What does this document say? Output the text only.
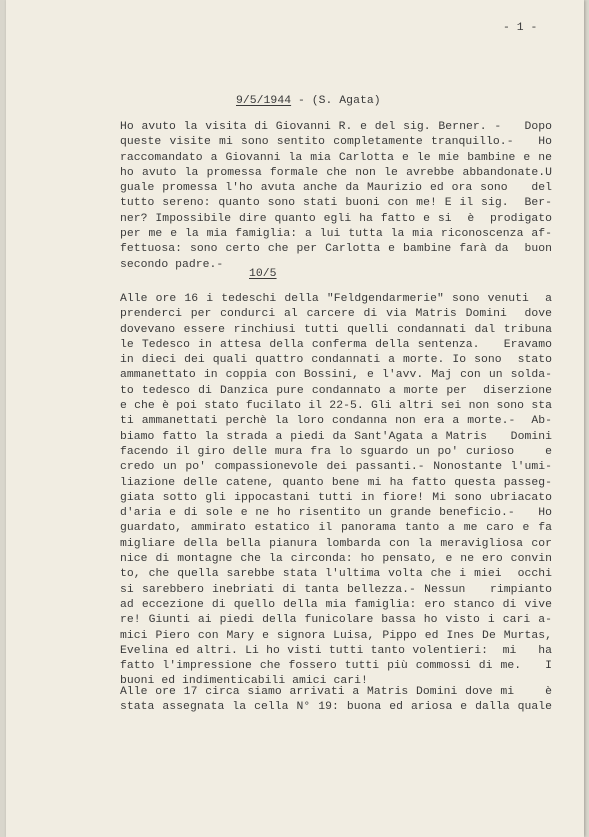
- 1 -
9/5/1944 - (S. Agata)
Ho avuto la visita di Giovanni R. e del sig. Berner. -   Dopo
queste visite mi sono sentito completamente tranquillo.-   Ho
raccomandato a Giovanni la mia Carlotta e le mie bambine e ne
ho avuto la promessa formale che non le avrebbe abbandonate.U
guale promessa l'ho avuta anche da Maurizio ed ora sono   del
tutto sereno: quanto sono stati buoni con me! E il sig.  Ber-
ner? Impossibile dire quanto egli ha fatto e si  è  prodigato
per me e la mia famiglia: a lui tutta la mia riconoscenza af-
fettuosa: sono certo che per Carlotta e bambine farà da  buon
secondo padre.-
10/5
Alle ore 16 i tedeschi della "Feldgendarmerie" sono venuti  a
prenderci per condurci al carcere di via Matris Domini  dove
dovevano essere rinchiusi tutti quelli condannati dal tribuna
le Tedesco in attesa della conferma della sentenza.   Eravamo
in dieci dei quali quattro condannati a morte. Io sono  stato
ammanettato in coppia con Bossini, e l'avv. Maj con un solda-
to tedesco di Danzica pure condannato a morte per  diserzione
e che è poi stato fucilato il 22-5. Gli altri sei non sono sta
ti ammanettati perchè la loro condanna non era a morte.-  Ab-
biamo fatto la strada a piedi da Sant'Agata a Matris   Domini
facendo il giro delle mura fra lo sguardo un po' curioso    e
credo un po' compassionevole dei passanti.- Nonostante l'umi-
liazione delle catene, quanto bene mi ha fatto questa passeg-
giata sotto gli ippocastani tutti in fiore! Mi sono ubriacato
d'aria e di sole e ne ho risentito un grande beneficio.-   Ho
guardato, ammirato estatico il panorama tanto a me caro e fa
migliare della bella pianura lombarda con la meravigliosa cor
nice di montagne che la circonda: ho pensato, e ne ero convin
to, che quella sarebbe stata l'ultima volta che i miei  occhi
si sarebbero inebriati di tanta bellezza.- Nessun   rimpianto
ad eccezione di quello della mia famiglia: ero stanco di vive
re! Giunti ai piedi della funicolare bassa ho visto i cari a-
mici Piero con Mary e signora Luisa, Pippo ed Ines De Murtas,
Evelina ed altri. Li ho visti tutti tanto volentieri:  mi   ha
fatto l'impressione che fossero tutti più commossi di me.   I
buoni ed indimenticabili amici cari!
Alle ore 17 circa siamo arrivati a Matris Domini dove mi    è
stata assegnata la cella N° 19: buona ed ariosa e dalla quale
